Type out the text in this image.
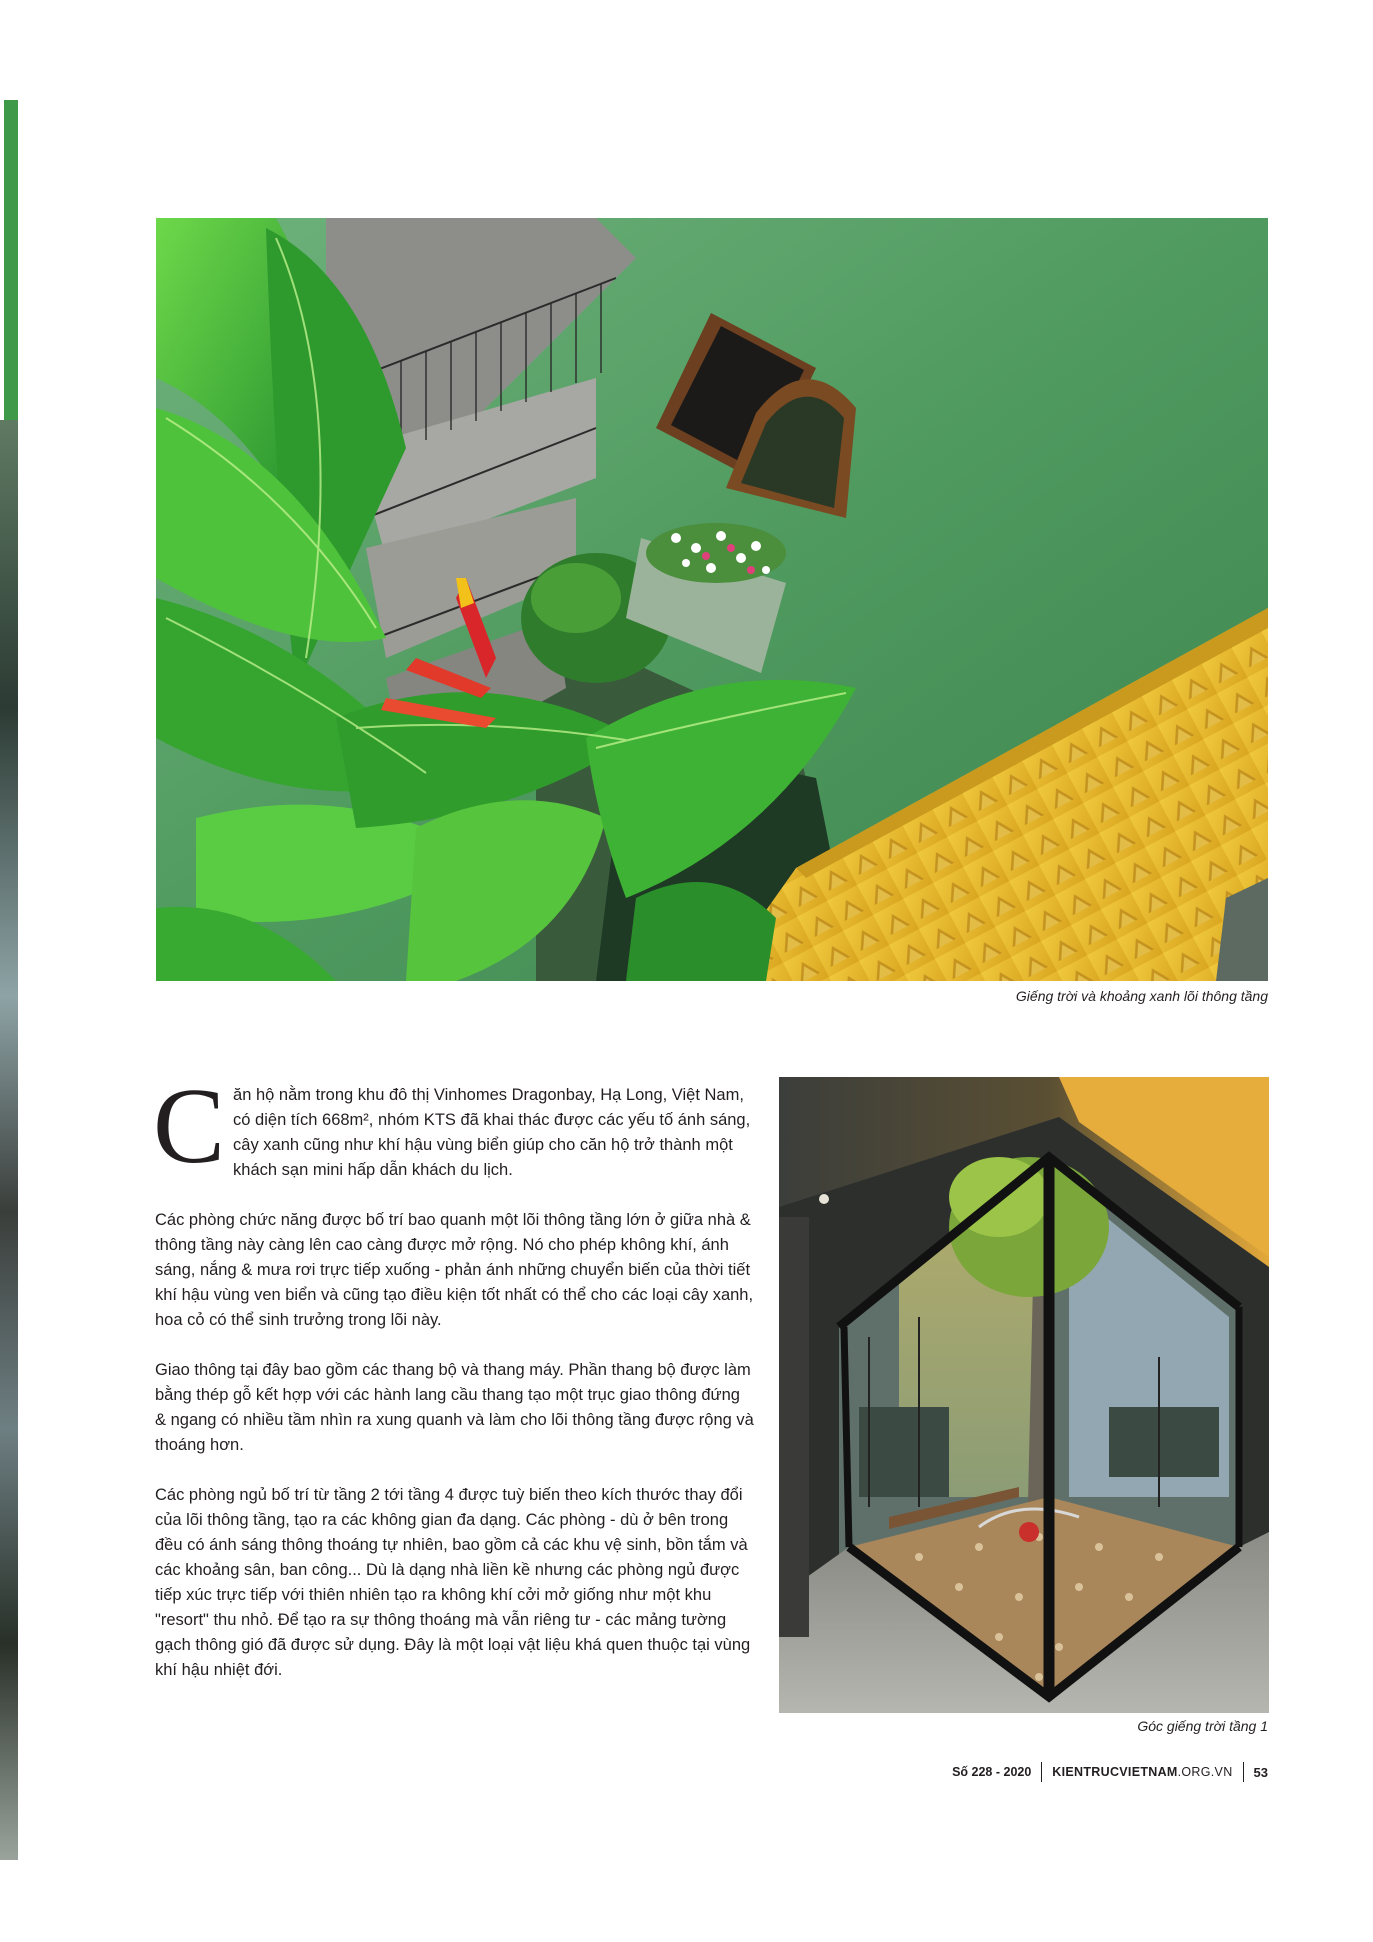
Giếng trời và khoảng xanh lõi thông tầng
C ăn hộ nằm trong khu đô thị Vinhomes Dragonbay, Hạ Long, Việt Nam, có diện tích 668m², nhóm KTS đã khai thác được các yếu tố ánh sáng, cây xanh cũng như khí hậu vùng biển giúp cho căn hộ trở thành một khách sạn mini hấp dẫn khách du lịch.

Các phòng chức năng được bố trí bao quanh một lõi thông tầng lớn ở giữa nhà & thông tầng này càng lên cao càng được mở rộng. Nó cho phép không khí, ánh sáng, nắng & mưa rơi trực tiếp xuống - phản ánh những chuyển biến của thời tiết khí hậu vùng ven biển và cũng tạo điều kiện tốt nhất có thể cho các loại cây xanh, hoa cỏ có thể sinh trưởng trong lõi này.

Giao thông tại đây bao gồm các thang bộ và thang máy. Phần thang bộ được làm bằng thép gỗ kết hợp với các hành lang cầu thang tạo một trục giao thông đứng & ngang có nhiều tầm nhìn ra xung quanh và làm cho lõi thông tầng được rộng và thoáng hơn.

Các phòng ngủ bố trí từ tầng 2 tới tầng 4 được tuỳ biến theo kích thước thay đổi của lõi thông tầng, tạo ra các không gian đa dạng. Các phòng - dù ở bên trong đều có ánh sáng thông thoáng tự nhiên, bao gồm cả các khu vệ sinh, bồn tắm và các khoảng sân, ban công... Dù là dạng nhà liền kề nhưng các phòng ngủ được tiếp xúc trực tiếp với thiên nhiên tạo ra không khí cởi mở giống như một khu "resort" thu nhỏ. Để tạo ra sự thông thoáng mà vẫn riêng tư - các mảng tường gạch thông gió đã được sử dụng. Đây là một loại vật liệu khá quen thuộc tại vùng khí hậu nhiệt đới.

Góc giếng trời tầng 1
Số 228 - 2020	KIENTRUCVIETNAM.ORG.VN	53
